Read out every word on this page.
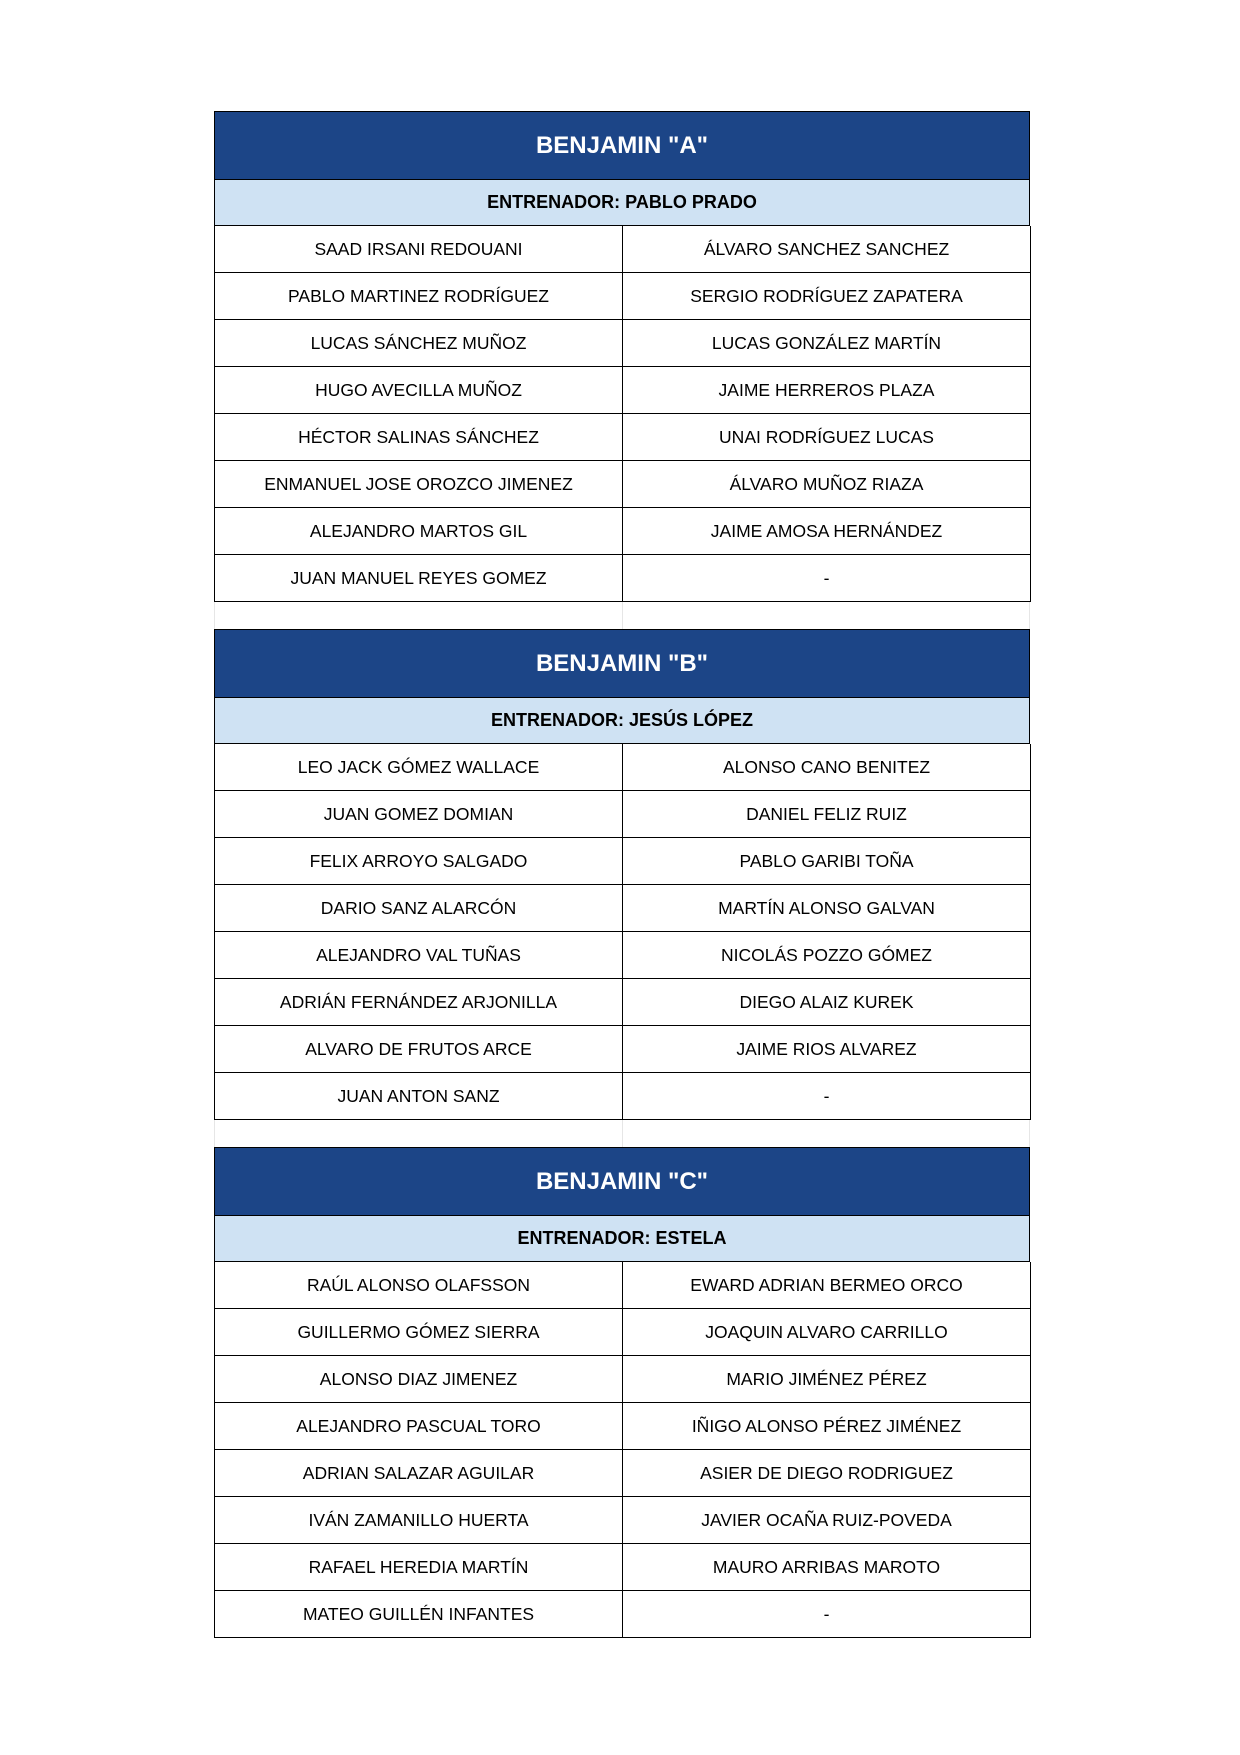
BENJAMIN "A"
ENTRENADOR: PABLO PRADO
SAAD IRSANI REDOUANI	ÁLVARO SANCHEZ SANCHEZ
PABLO MARTINEZ RODRÍGUEZ	SERGIO RODRÍGUEZ ZAPATERA
LUCAS SÁNCHEZ MUÑOZ	LUCAS GONZÁLEZ MARTÍN
HUGO AVECILLA MUÑOZ	JAIME HERREROS PLAZA
HÉCTOR SALINAS SÁNCHEZ	UNAI RODRÍGUEZ LUCAS
ENMANUEL JOSE OROZCO JIMENEZ	ÁLVARO MUÑOZ RIAZA
ALEJANDRO MARTOS GIL	JAIME AMOSA HERNÁNDEZ
JUAN MANUEL REYES GOMEZ	-
BENJAMIN "B"
ENTRENADOR: JESÚS LÓPEZ
LEO JACK GÓMEZ WALLACE	ALONSO CANO BENITEZ
JUAN GOMEZ DOMIAN	DANIEL FELIZ RUIZ
FELIX ARROYO SALGADO	PABLO GARIBI TOÑA
DARIO SANZ ALARCÓN	MARTÍN ALONSO GALVAN
ALEJANDRO VAL TUÑAS	NICOLÁS POZZO GÓMEZ
ADRIÁN FERNÁNDEZ ARJONILLA	DIEGO ALAIZ KUREK
ALVARO DE FRUTOS ARCE	JAIME RIOS ALVAREZ
JUAN ANTON SANZ	-
BENJAMIN "C"
ENTRENADOR: ESTELA
RAÚL ALONSO OLAFSSON	EWARD ADRIAN BERMEO ORCO
GUILLERMO GÓMEZ SIERRA	JOAQUIN ALVARO CARRILLO
ALONSO DIAZ JIMENEZ	MARIO JIMÉNEZ PÉREZ
ALEJANDRO PASCUAL TORO	IÑIGO ALONSO PÉREZ JIMÉNEZ
ADRIAN SALAZAR AGUILAR	ASIER DE DIEGO RODRIGUEZ
IVÁN ZAMANILLO HUERTA	JAVIER OCAÑA RUIZ-POVEDA
RAFAEL HEREDIA MARTÍN	MAURO ARRIBAS MAROTO
MATEO GUILLÉN INFANTES	-
